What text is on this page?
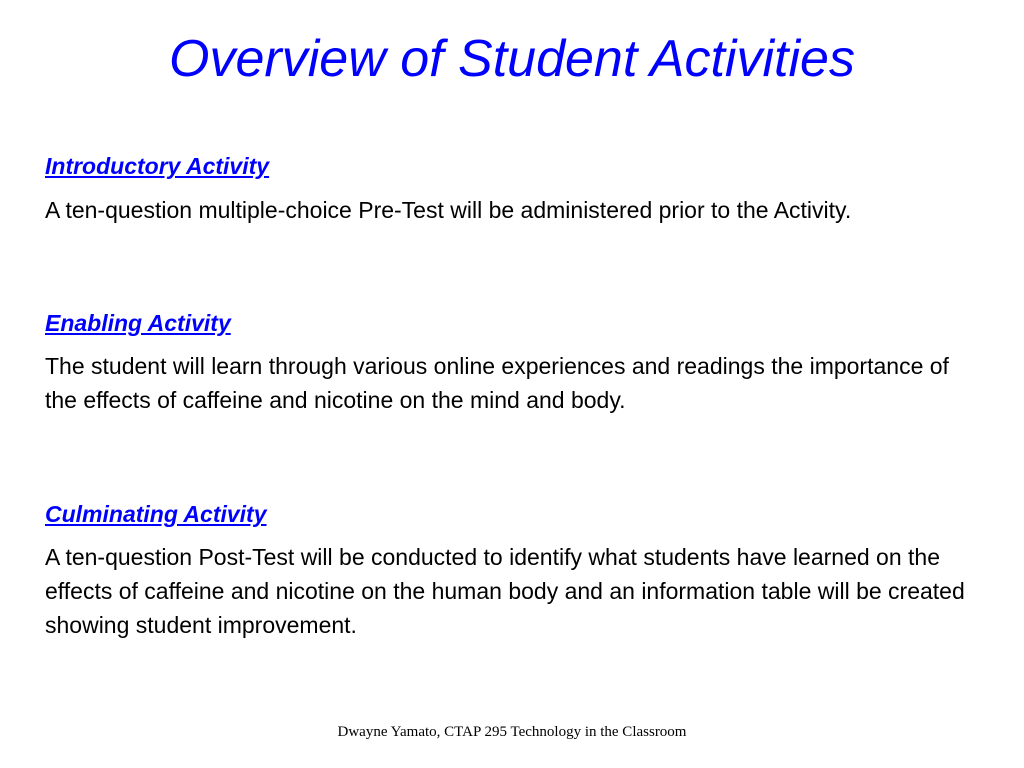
Overview of Student Activities
Introductory Activity

A ten-question multiple-choice Pre-Test will be administered prior to the Activity.

Enabling Activity

The student will learn through various online experiences and readings the importance of the effects of caffeine and nicotine on the mind and body.

Culminating Activity

A ten-question Post-Test will be conducted to identify what students have learned on the effects of caffeine and nicotine on the human body and an information table will be created showing student improvement.

Dwayne Yamato, CTAP 295 Technology in the Classroom
